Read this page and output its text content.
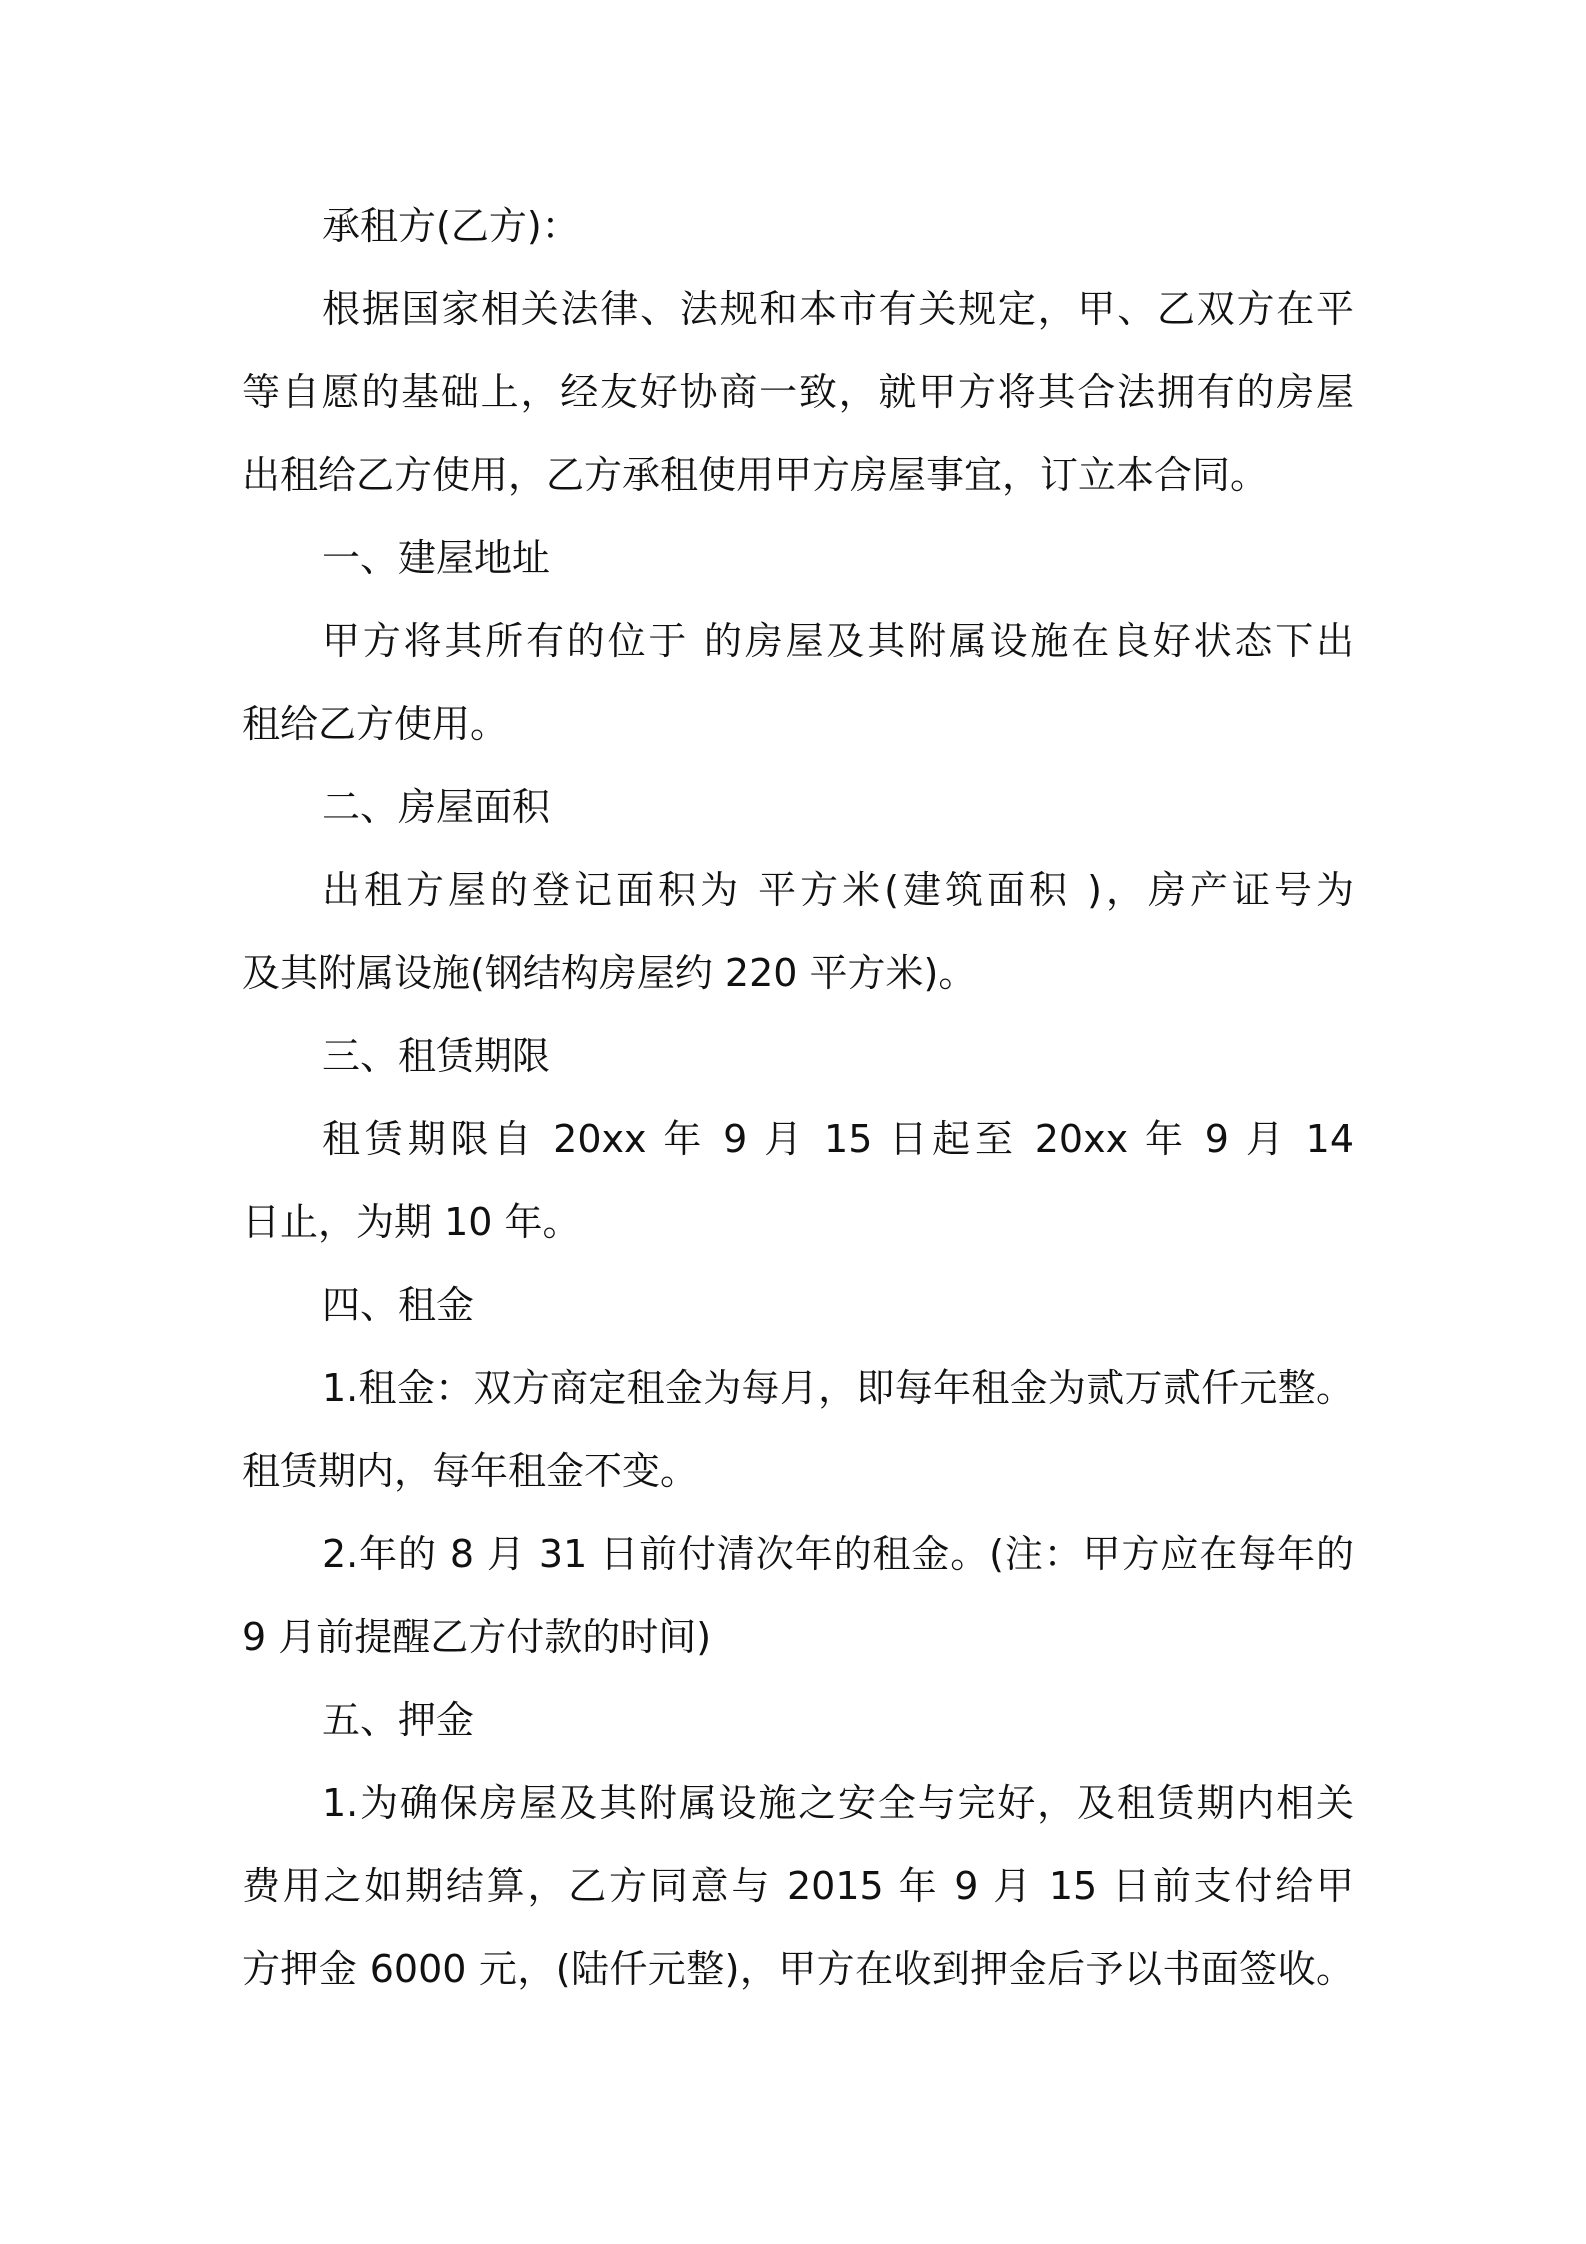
承租方(乙方)：
根据国家相关法律、法规和本市有关规定，甲、乙双方在平
等自愿的基础上，经友好协商一致，就甲方将其合法拥有的房屋
出租给乙方使用，乙方承租使用甲方房屋事宜，订立本合同。
一、建屋地址
甲方将其所有的位于 的房屋及其附属设施在良好状态下出
租给乙方使用。
二、房屋面积
出租方屋的登记面积为 平方米(建筑面积 )，房产证号为
及其附属设施(钢结构房屋约 220 平方米)。
三、租赁期限
租赁期限自 20xx 年 9 月 15 日起至 20xx 年 9 月 14
日止，为期 10 年。
四、租金
1.租金：双方商定租金为每月，即每年租金为贰万贰仟元整。
租赁期内，每年租金不变。
2.年的 8 月 31 日前付清次年的租金。(注：甲方应在每年的
9 月前提醒乙方付款的时间)
五、押金
1.为确保房屋及其附属设施之安全与完好，及租赁期内相关
费用之如期结算，乙方同意与 2015 年 9 月 15 日前支付给甲
方押金 6000 元，(陆仟元整)，甲方在收到押金后予以书面签收。
